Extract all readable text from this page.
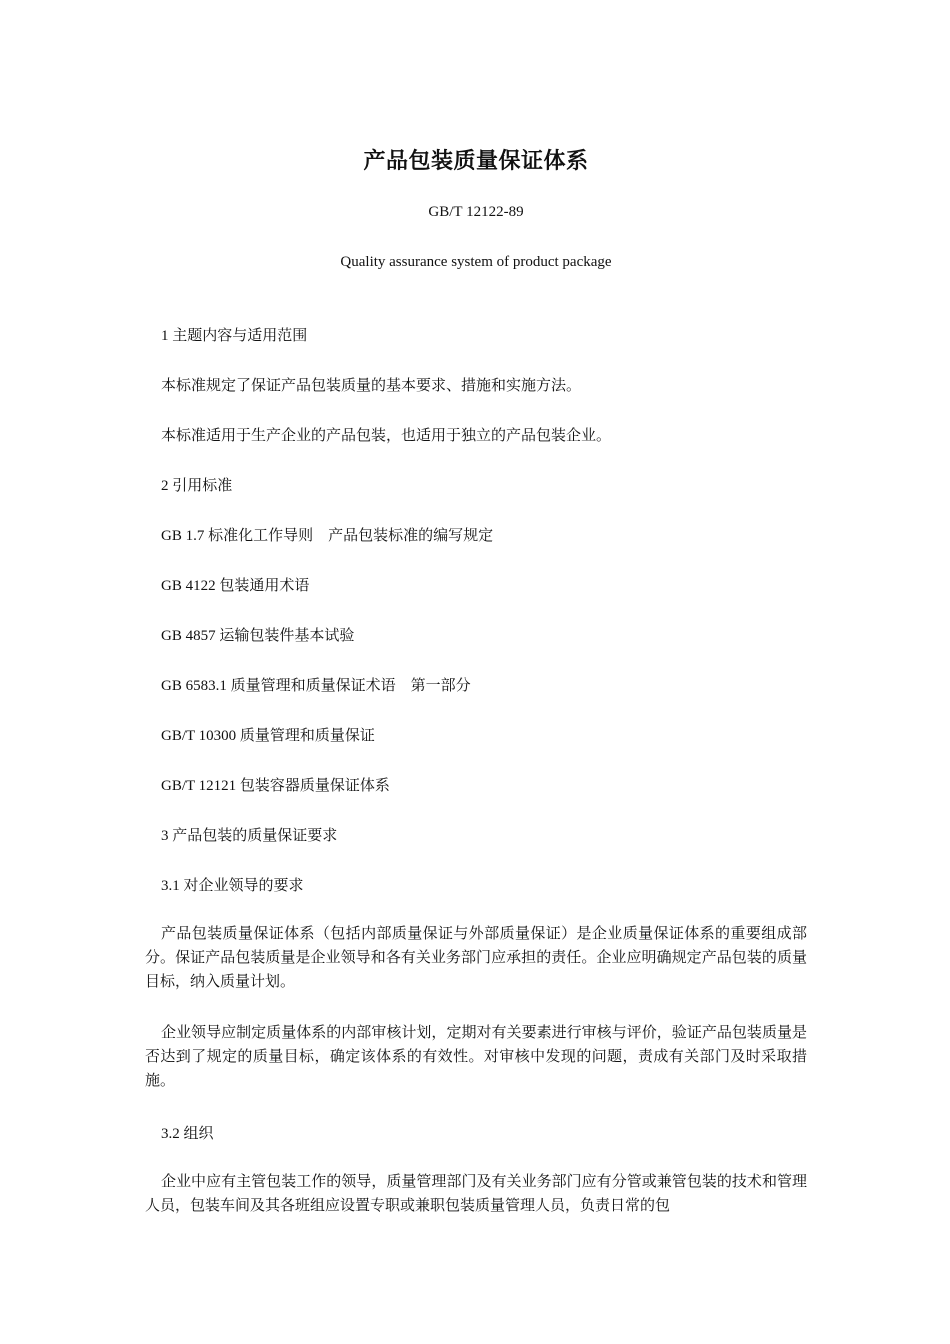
产品包装质量保证体系
GB/T 12122-89
Quality assurance system of product package
1 主题内容与适用范围
本标准规定了保证产品包装质量的基本要求、措施和实施方法。
本标准适用于生产企业的产品包装，也适用于独立的产品包装企业。
2 引用标准
GB 1.7 标准化工作导则　产品包装标准的编写规定
GB 4122 包装通用术语
GB 4857 运输包装件基本试验
GB 6583.1 质量管理和质量保证术语　第一部分
GB/T 10300 质量管理和质量保证
GB/T 12121 包装容器质量保证体系
3 产品包装的质量保证要求
3.1 对企业领导的要求
产品包装质量保证体系（包括内部质量保证与外部质量保证）是企业质量保证体系的重要组成部分。保证产品包装质量是企业领导和各有关业务部门应承担的责任。企业应明确规定产品包装的质量目标，纳入质量计划。
企业领导应制定质量体系的内部审核计划，定期对有关要素进行审核与评价，验证产品包装质量是否达到了规定的质量目标，确定该体系的有效性。对审核中发现的问题，责成有关部门及时采取措施。
3.2 组织
企业中应有主管包装工作的领导，质量管理部门及有关业务部门应有分管或兼管包装的技术和管理人员，包装车间及其各班组应设置专职或兼职包装质量管理人员，负责日常的包
